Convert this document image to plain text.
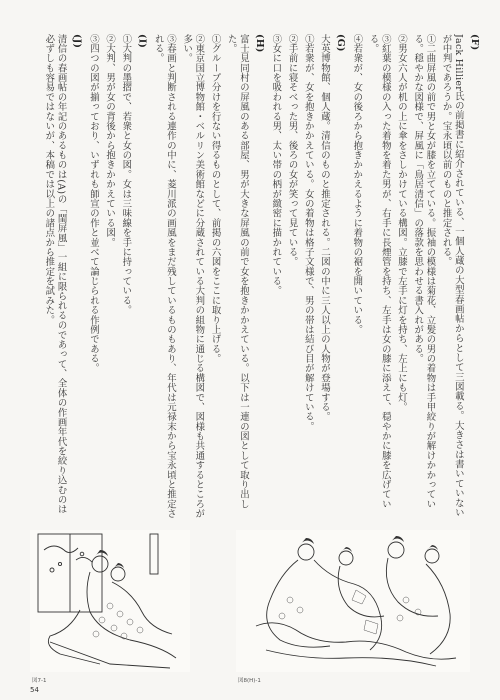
(F)

Jack Hillier氏の前掲書に紹介されている、一個人蔵の大型春画帖からとして三図載る。大きさは書いていないが中判であろうか。宝永頃以前のものと推定される。

①二曲屏風の前で男と女が膝を立てている。振袖の模様は菊花、立髪の男の着物は手甲絞りが解けかかっている。穏やかな図様で、屏風に「鳥居清信」の落款を思わせる書入れがある。

②男女六人が机の上に傘をさしかけている構図。立膝で左手に灯を持ち、左上にも灯。

③紅葉の模様の入った着物を着た男が、右手に長煙管を持ち、左手は女の膝に添えて、穏やかに膝を広げている。

④若衆が、女の後ろから抱きかかえるように着物の裾を開いている。

(G)

大英博物館、個人蔵。清信のものと推定される。二図の中に三人以上の人物が登場する。

①若衆が、女を抱きかかえている。女の着物は格子文様で、男の帯は結び目が解けている。

②手前に寝そべった男、後ろの女が笑って見ている。

③女に口を吸われる男、太い帯の柄が緻密に描かれている。

(H)

富士見同村の屏風のある部屋、男が大きな屏風の前で女を抱きかかえている。以下は一連の図として取り出した。

①グループ分けを行ない得るものとして、前掲の六図をここに取り上げる。

②東京国立博物館・ベルリン美術館などに分蔵されている大判の組物に通じる構図で、図様も共通するところが多い。

③春画と判断される連作の中に、菱川派の画風をまだ残しているものもあり、年代は元禄末から宝永頃と推定される。

(I)

①大判の墨摺で、若衆と女の図。女は三味線を手に持っている。

②大判、男が女の背後から抱きかかえている図。

③四つの図が揃っており、いずれも師宣の作と並べて論じられる作例である。

(J)

清信の春画帖の年記のあるものは(A)の「閨屏風」一組に限られるのであって、全体の作画年代を絞り込むのは必ずしも容易ではないが、本稿では以上の諸点から推定を試みた。

図7-1	図8(H)-1
54
